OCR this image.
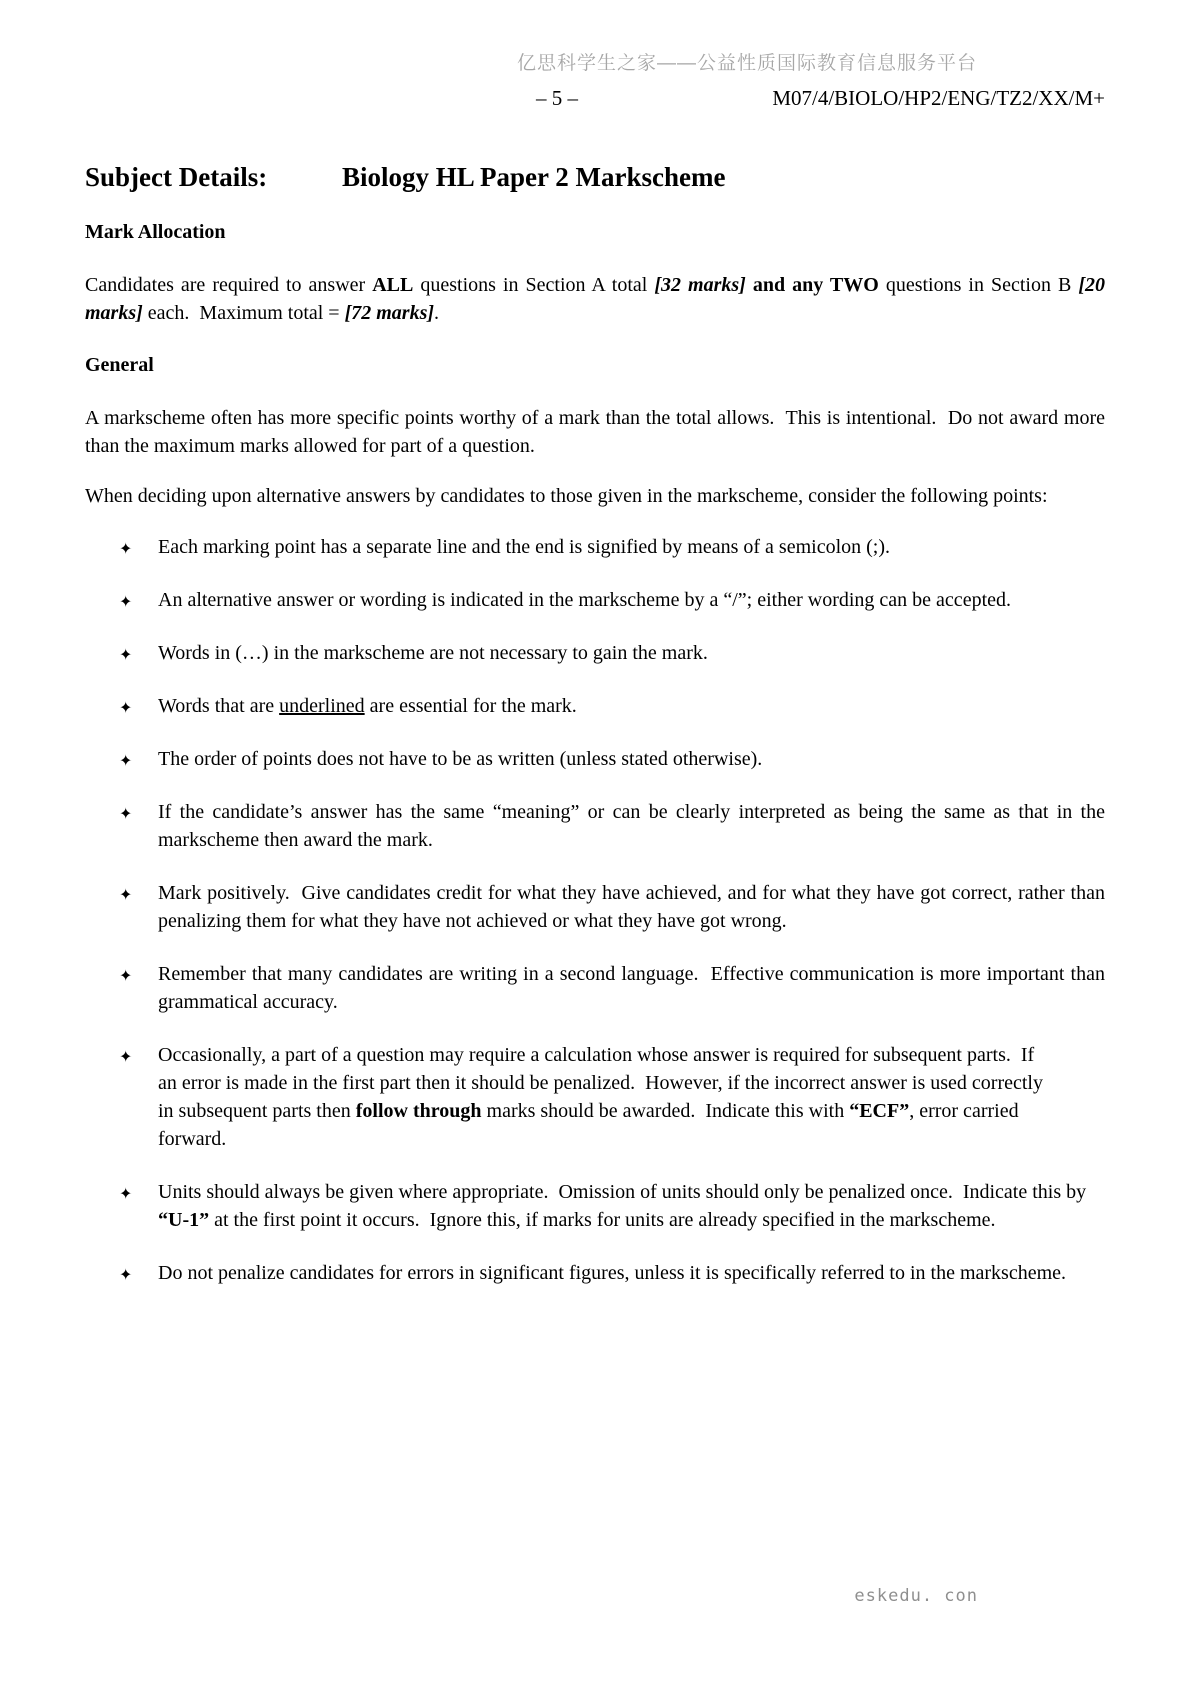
亿思科学生之家——公益性质国际教育信息服务平台
– 5 –	M07/4/BIOLO/HP2/ENG/TZ2/XX/M+
Subject Details:	Biology HL Paper 2 Markscheme
Mark Allocation

Candidates are required to answer ALL questions in Section A total [32 marks] and any TWO questions in Section B [20 marks] each.  Maximum total = [72 marks].

General

A markscheme often has more specific points worthy of a mark than the total allows.  This is intentional.  Do not award more than the maximum marks allowed for part of a question.

When deciding upon alternative answers by candidates to those given in the markscheme, consider the following points:

✦ Each marking point has a separate line and the end is signified by means of a semicolon (;).
✦ An alternative answer or wording is indicated in the markscheme by a “/”; either wording can be accepted.
✦ Words in (…) in the markscheme are not necessary to gain the mark.
✦ Words that are underlined are essential for the mark.
✦ The order of points does not have to be as written (unless stated otherwise).
✦ If the candidate’s answer has the same “meaning” or can be clearly interpreted as being the same as that in the markscheme then award the mark.
✦ Mark positively.  Give candidates credit for what they have achieved, and for what they have got correct, rather than penalizing them for what they have not achieved or what they have got wrong.
✦ Remember that many candidates are writing in a second language.  Effective communication is more important than grammatical accuracy.
✦ Occasionally, a part of a question may require a calculation whose answer is required for subsequent parts.  If an error is made in the first part then it should be penalized.  However, if the incorrect answer is used correctly in subsequent parts then follow through marks should be awarded.  Indicate this with “ECF”, error carried forward.
✦ Units should always be given where appropriate.  Omission of units should only be penalized once.  Indicate this by “U-1” at the first point it occurs.  Ignore this, if marks for units are already specified in the markscheme.
✦ Do not penalize candidates for errors in significant figures, unless it is specifically referred to in the markscheme.
eskedu. con
